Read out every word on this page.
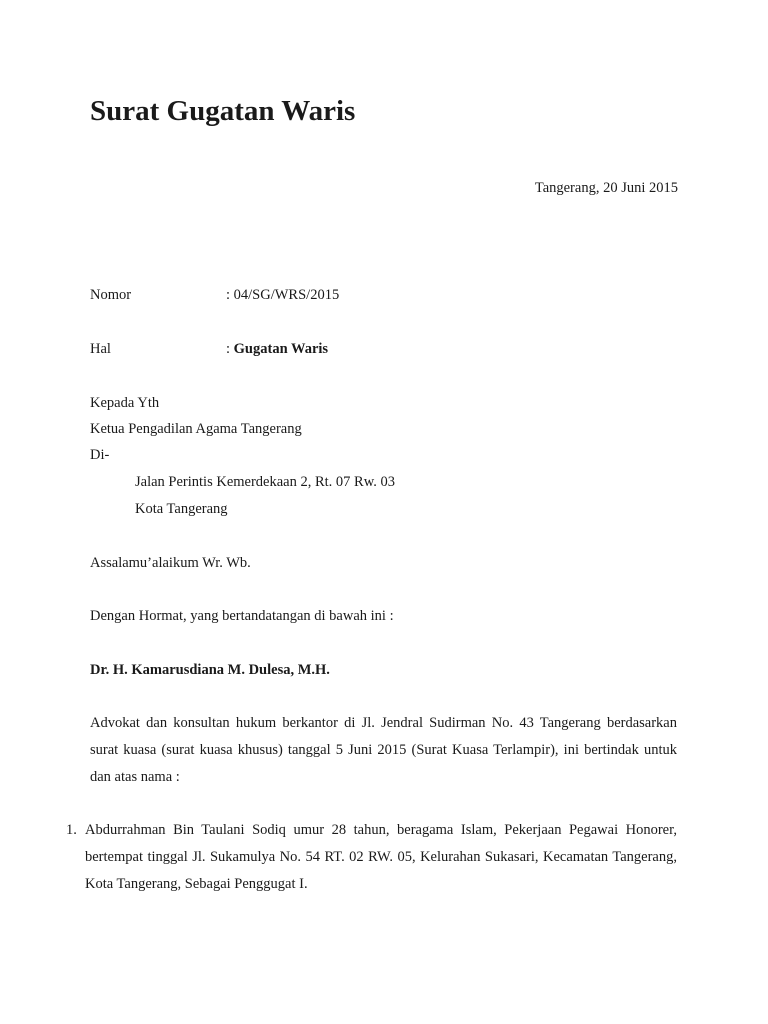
Surat Gugatan Waris
Tangerang, 20 Juni 2015
Nomor	: 04/SG/WRS/2015
Hal	: Gugatan Waris
Kepada Yth
Ketua Pengadilan Agama Tangerang
Di-
Jalan Perintis Kemerdekaan 2, Rt. 07 Rw. 03
Kota Tangerang
Assalamu’alaikum Wr. Wb.
Dengan Hormat, yang bertandatangan di bawah ini :
Dr. H. Kamarusdiana M. Dulesa, M.H.
Advokat dan konsultan hukum berkantor di Jl. Jendral Sudirman No. 43 Tangerang berdasarkan surat kuasa (surat kuasa khusus) tanggal 5 Juni 2015 (Surat Kuasa Terlampir), ini bertindak untuk dan atas nama :
1. Abdurrahman Bin Taulani Sodiq umur 28 tahun, beragama Islam, Pekerjaan Pegawai Honorer, bertempat tinggal Jl. Sukamulya No. 54 RT. 02 RW. 05, Kelurahan Sukasari, Kecamatan Tangerang, Kota Tangerang, Sebagai Penggugat I.
